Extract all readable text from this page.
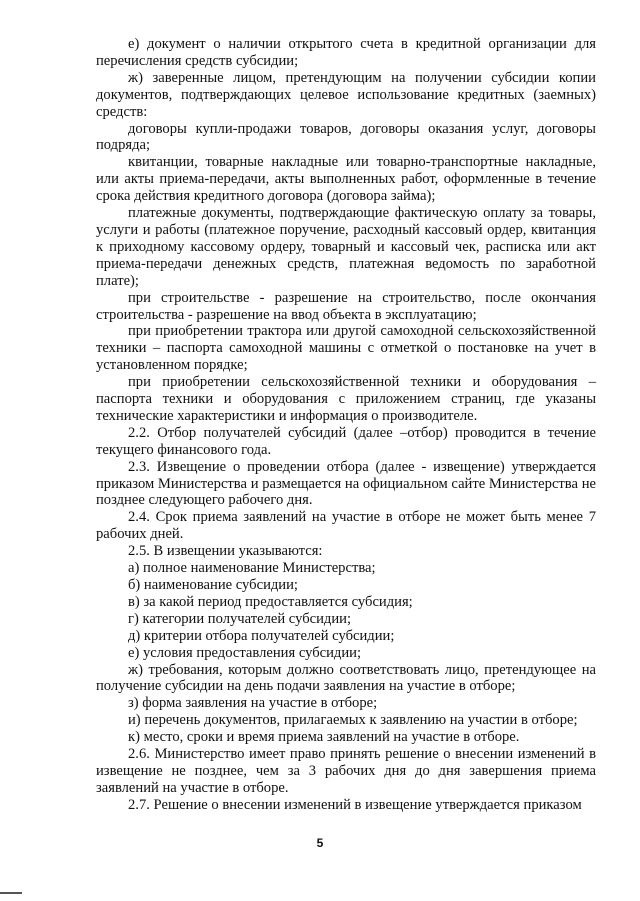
е) документ о наличии открытого счета в кредитной организации для перечисления средств субсидии;

ж) заверенные лицом, претендующим на получении субсидии копии документов, подтверждающих целевое использование кредитных (заемных) средств:

договоры купли-продажи товаров, договоры оказания услуг, договоры подряда;

квитанции, товарные накладные или товарно-транспортные накладные, или акты приема-передачи, акты выполненных работ, оформленные в течение срока действия кредитного договора (договора займа);

платежные документы, подтверждающие фактическую оплату за товары, услуги и работы (платежное поручение, расходный кассовый ордер, квитанция к приходному кассовому ордеру, товарный и кассовый чек, расписка или акт приема-передачи денежных средств, платежная ведомость по заработной плате);

при строительстве - разрешение на строительство, после окончания строительства - разрешение на ввод объекта в эксплуатацию;

при приобретении трактора или другой самоходной сельскохозяйственной техники – паспорта самоходной машины с отметкой о постановке на учет в установленном порядке;

при приобретении сельскохозяйственной техники и оборудования – паспорта техники и оборудования с приложением страниц, где указаны технические характеристики и информация о производителе.

2.2. Отбор получателей субсидий (далее –отбор) проводится в течение текущего финансового года.

2.3. Извещение о проведении отбора (далее - извещение) утверждается приказом Министерства и размещается на официальном сайте Министерства не позднее следующего рабочего дня.

2.4. Срок приема заявлений на участие в отборе не может быть менее 7 рабочих дней.

2.5. В извещении указываются:

а) полное наименование Министерства;

б) наименование субсидии;

в) за какой период предоставляется субсидия;

г) категории получателей субсидии;

д) критерии отбора получателей субсидии;

е) условия предоставления субсидии;

ж) требования, которым должно соответствовать лицо, претендующее на получение субсидии на день подачи заявления на участие в отборе;

з) форма заявления на участие в отборе;

и) перечень документов, прилагаемых к заявлению на участии в отборе;

к) место, сроки и время приема заявлений на участие в отборе.

2.6. Министерство имеет право принять решение о внесении изменений в извещение не позднее, чем за 3 рабочих дня до дня завершения приема заявлений на участие в отборе.

2.7. Решение о внесении изменений в извещение утверждается приказом

5
